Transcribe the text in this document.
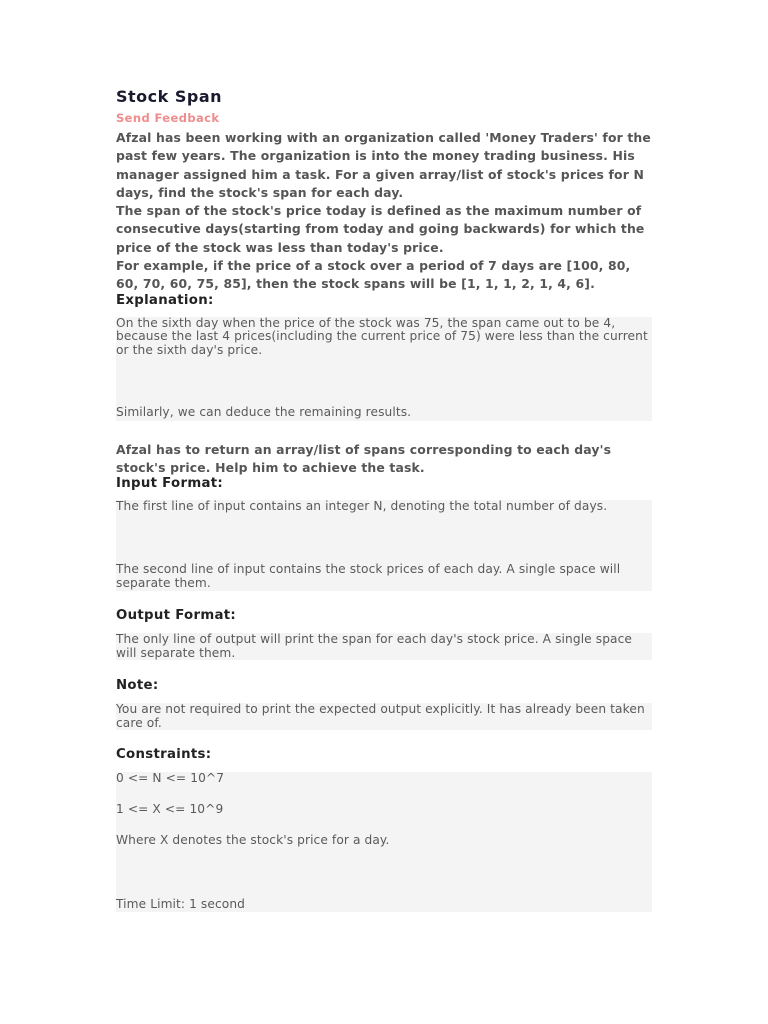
Stock Span
Send Feedback

Afzal has been working with an organization called 'Money Traders' for the past few years. The organization is into the money trading business. His manager assigned him a task. For a given array/list of stock's prices for N days, find the stock's span for each day.

The span of the stock's price today is defined as the maximum number of consecutive days(starting from today and going backwards) for which the price of the stock was less than today's price.

For example, if the price of a stock over a period of 7 days are [100, 80, 60, 70, 60, 75, 85], then the stock spans will be [1, 1, 1, 2, 1, 4, 6].

Explanation:

On the sixth day when the price of the stock was 75, the span came out to be 4, because the last 4 prices(including the current price of 75) were less than the current or the sixth day's price.

Similarly, we can deduce the remaining results.

Afzal has to return an array/list of spans corresponding to each day's stock's price. Help him to achieve the task.

Input Format:

The first line of input contains an integer N, denoting the total number of days.

The second line of input contains the stock prices of each day. A single space will separate them.

Output Format:

The only line of output will print the span for each day's stock price. A single space will separate them.

Note:

You are not required to print the expected output explicitly. It has already been taken care of.

Constraints:

0 <= N <= 10^7

1 <= X <= 10^9

Where X denotes the stock's price for a day.

Time Limit: 1 second
